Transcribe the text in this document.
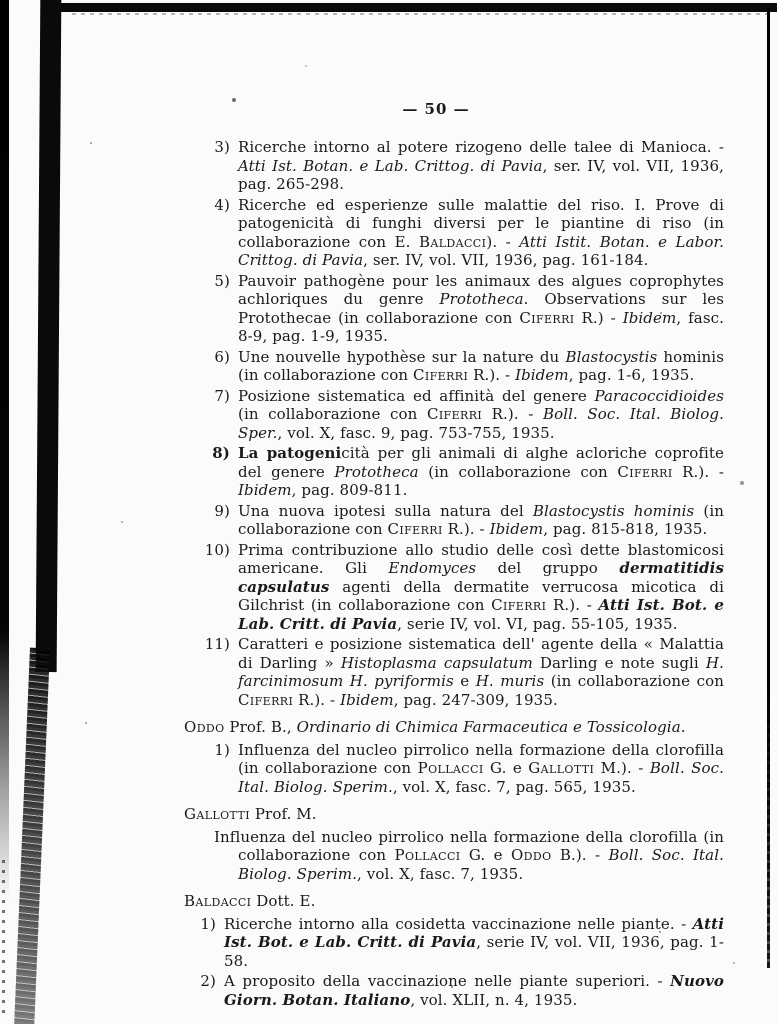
— 50 —
3) Ricerche intorno al potere rizogeno delle talee di Manioca. - Atti Ist. Botan. e Lab. Crittog. di Pavia, ser. IV, vol. VII, 1936, pag. 265-298.
4) Ricerche ed esperienze sulle malattie del riso. I. Prove di patogenicità di funghi diversi per le piantine di riso (in collaborazione con E. Baldacci). - Atti Istit. Botan. e Labor. Crittog. di Pavia, ser. IV, vol. VII, 1936, pag. 161-184.
5) Pauvoir pathogène pour les animaux des algues coprophytes achloriques du genre Prototheca. Observations sur les Protothecae (in collaborazione con Ciferri R.) - Ibidem, fasc. 8-9, pag. 1-9, 1935.
6) Une nouvelle hypothèse sur la nature du Blastocystis hominis (in collaborazione con Ciferri R.). - Ibidem, pag. 1-6, 1935.
7) Posizione sistematica ed affinità del genere Paracoccidioides (in collaborazione con Ciferri R.). - Boll. Soc. Ital. Biolog. Sper., vol. X, fasc. 9, pag. 753-755, 1935.
8) La patogenicità per gli animali di alghe acloriche coprofite del genere Prototheca (in collaborazione con Ciferri R.). - Ibidem, pag. 809-811.
9) Una nuova ipotesi sulla natura del Blastocystis hominis (in collaborazione con Ciferri R.). - Ibidem, pag. 815-818, 1935.
10) Prima contribuzione allo studio delle così dette blastomicosi americane. Gli Endomyces del gruppo dermatitidis capsulatus agenti della dermatite verrucosa micotica di Gilchrist (in collaborazione con Ciferri R.). - Atti Ist. Bot. e Lab. Critt. di Pavia, serie IV, vol. VI, pag. 55-105, 1935.
11) Caratteri e posizione sistematica dell' agente della « Malattia di Darling » Histoplasma capsulatum Darling e note sugli H. farcinimosum H. pyriformis e H. muris (in collaborazione con Ciferri R.). - Ibidem, pag. 247-309, 1935.
Oddo Prof. B., Ordinario di Chimica Farmaceutica e Tossicologia.
1) Influenza del nucleo pirrolico nella formazione della clorofilla (in collaborazione con Pollacci G. e Gallotti M.). - Boll. Soc. Ital. Biolog. Sperim., vol. X, fasc. 7, pag. 565, 1935.
Gallotti Prof. M.
Influenza del nucleo pirrolico nella formazione della clorofilla (in collaborazione con Pollacci G. e Oddo B.). - Boll. Soc. Ital. Biolog. Sperim., vol. X, fasc. 7, 1935.
Baldacci Dott. E.
1) Ricerche intorno alla cosidetta vaccinazione nelle piante. - Atti Ist. Bot. e Lab. Critt. di Pavia, serie IV, vol. VII, 1936, pag. 1-58.
2) A proposito della vaccinazione nelle piante superiori. - Nuovo Giorn. Botan. Italiano, vol. XLII, n. 4, 1935.
